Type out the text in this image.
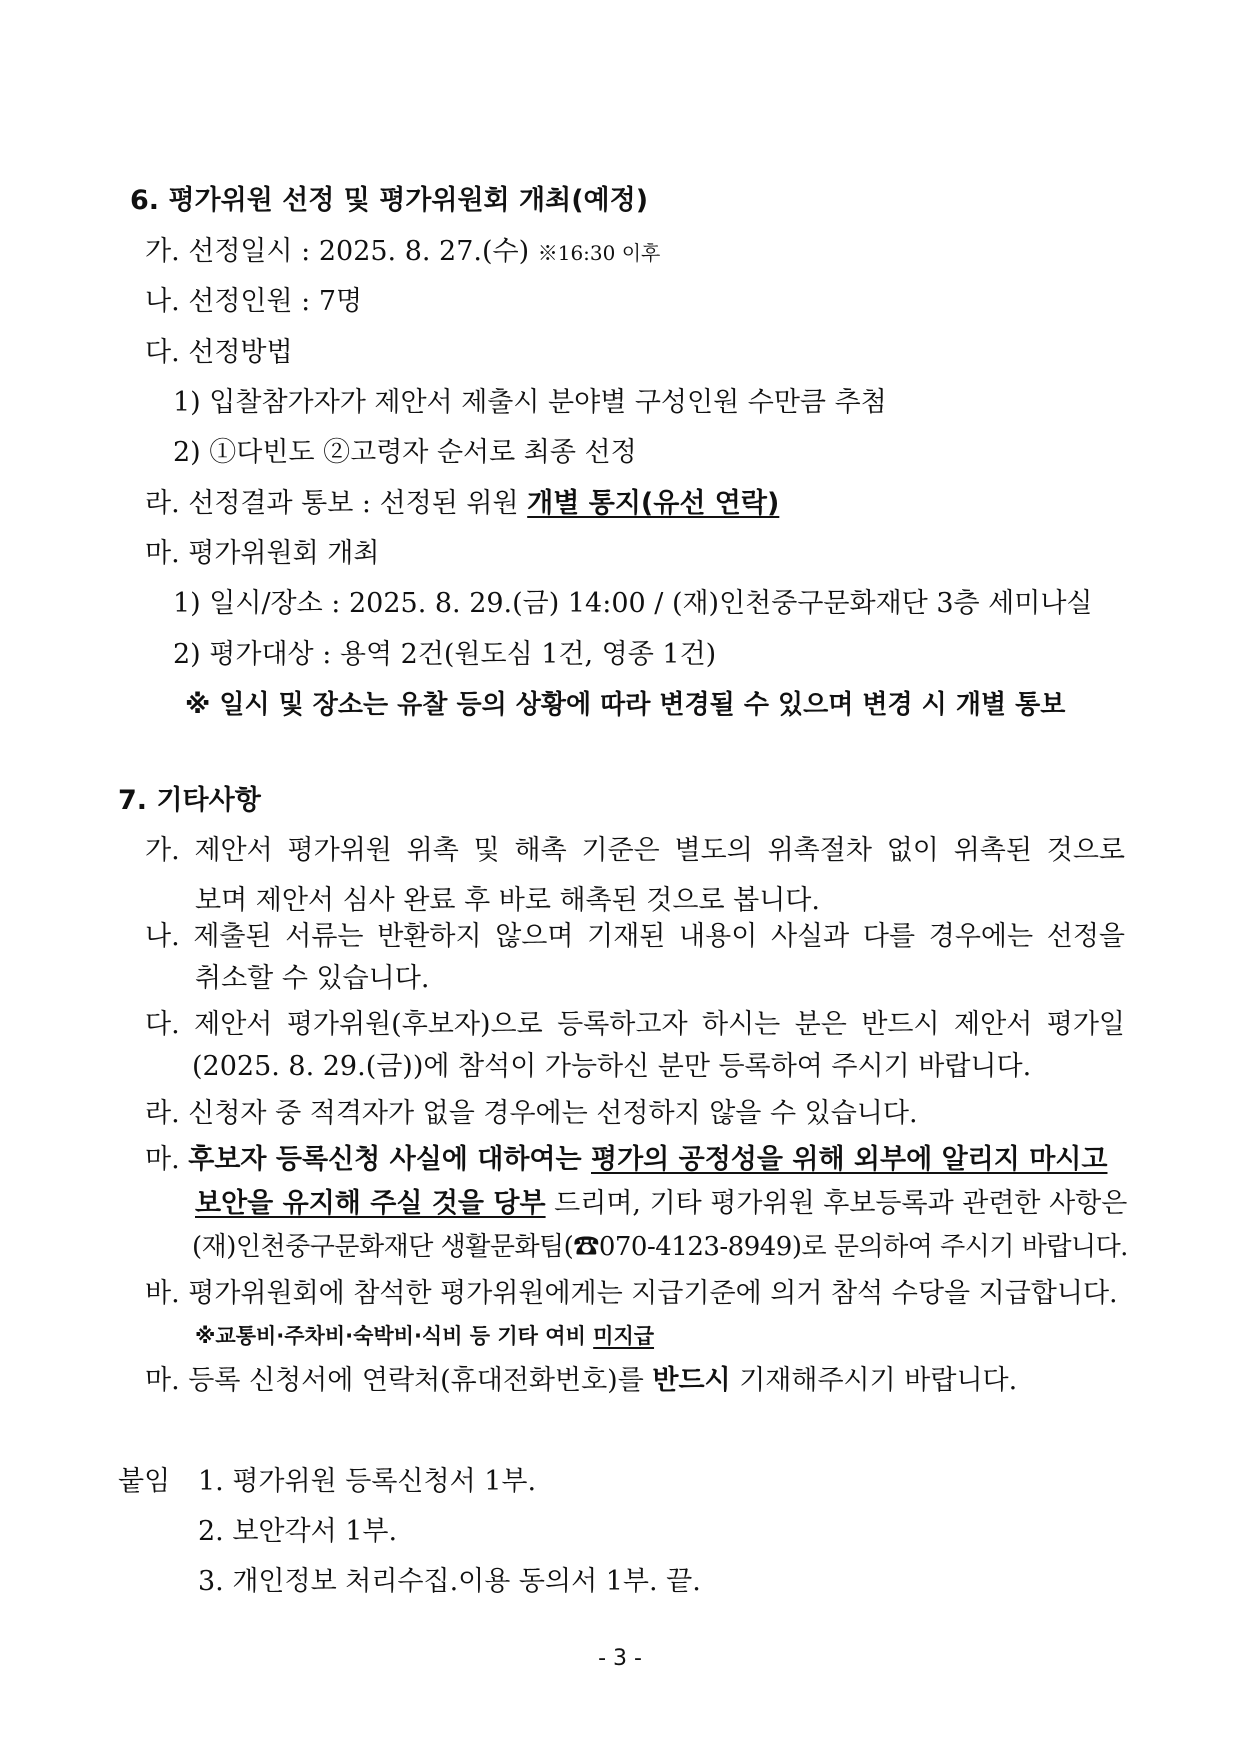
6. 평가위원 선정 및 평가위원회 개최(예정)
가. 선정일시 : 2025. 8. 27.(수) ※16:30 이후
나. 선정인원 : 7명
다. 선정방법
1) 입찰참가자가 제안서 제출시 분야별 구성인원 수만큼 추첨
2) ①다빈도 ②고령자 순서로 최종 선정
라. 선정결과 통보 : 선정된 위원 개별 통지(유선 연락)
마. 평가위원회 개최
1) 일시/장소 : 2025. 8. 29.(금) 14:00 / (재)인천중구문화재단 3층 세미나실
2) 평가대상 : 용역 2건(원도심 1건, 영종 1건)
※ 일시 및 장소는 유찰 등의 상황에 따라 변경될 수 있으며 변경 시 개별 통보
7. 기타사항
가. 제안서 평가위원 위촉 및 해촉 기준은 별도의 위촉절차 없이 위촉된 것으로
보며 제안서 심사 완료 후 바로 해촉된 것으로 봅니다.
나. 제출된 서류는 반환하지 않으며 기재된 내용이 사실과 다를 경우에는 선정을
취소할 수 있습니다.
다. 제안서 평가위원(후보자)으로 등록하고자 하시는 분은 반드시 제안서 평가일
(2025. 8. 29.(금))에 참석이 가능하신 분만 등록하여 주시기 바랍니다.
라. 신청자 중 적격자가 없을 경우에는 선정하지 않을 수 있습니다.
마. 후보자 등록신청 사실에 대하여는 평가의 공정성을 위해 외부에 알리지 마시고
보안을 유지해 주실 것을 당부 드리며, 기타 평가위원 후보등록과 관련한 사항은
(재)인천중구문화재단 생활문화팀(☎070-4123-8949)로 문의하여 주시기 바랍니다.
바. 평가위원회에 참석한 평가위원에게는 지급기준에 의거 참석 수당을 지급합니다.
※교통비·주차비·숙박비·식비 등 기타 여비 미지급
마. 등록 신청서에 연락처(휴대전화번호)를 반드시 기재해주시기 바랍니다.
붙임 1. 평가위원 등록신청서 1부.
2. 보안각서 1부.
3. 개인정보 처리수집.이용 동의서 1부. 끝.
- 3 -
